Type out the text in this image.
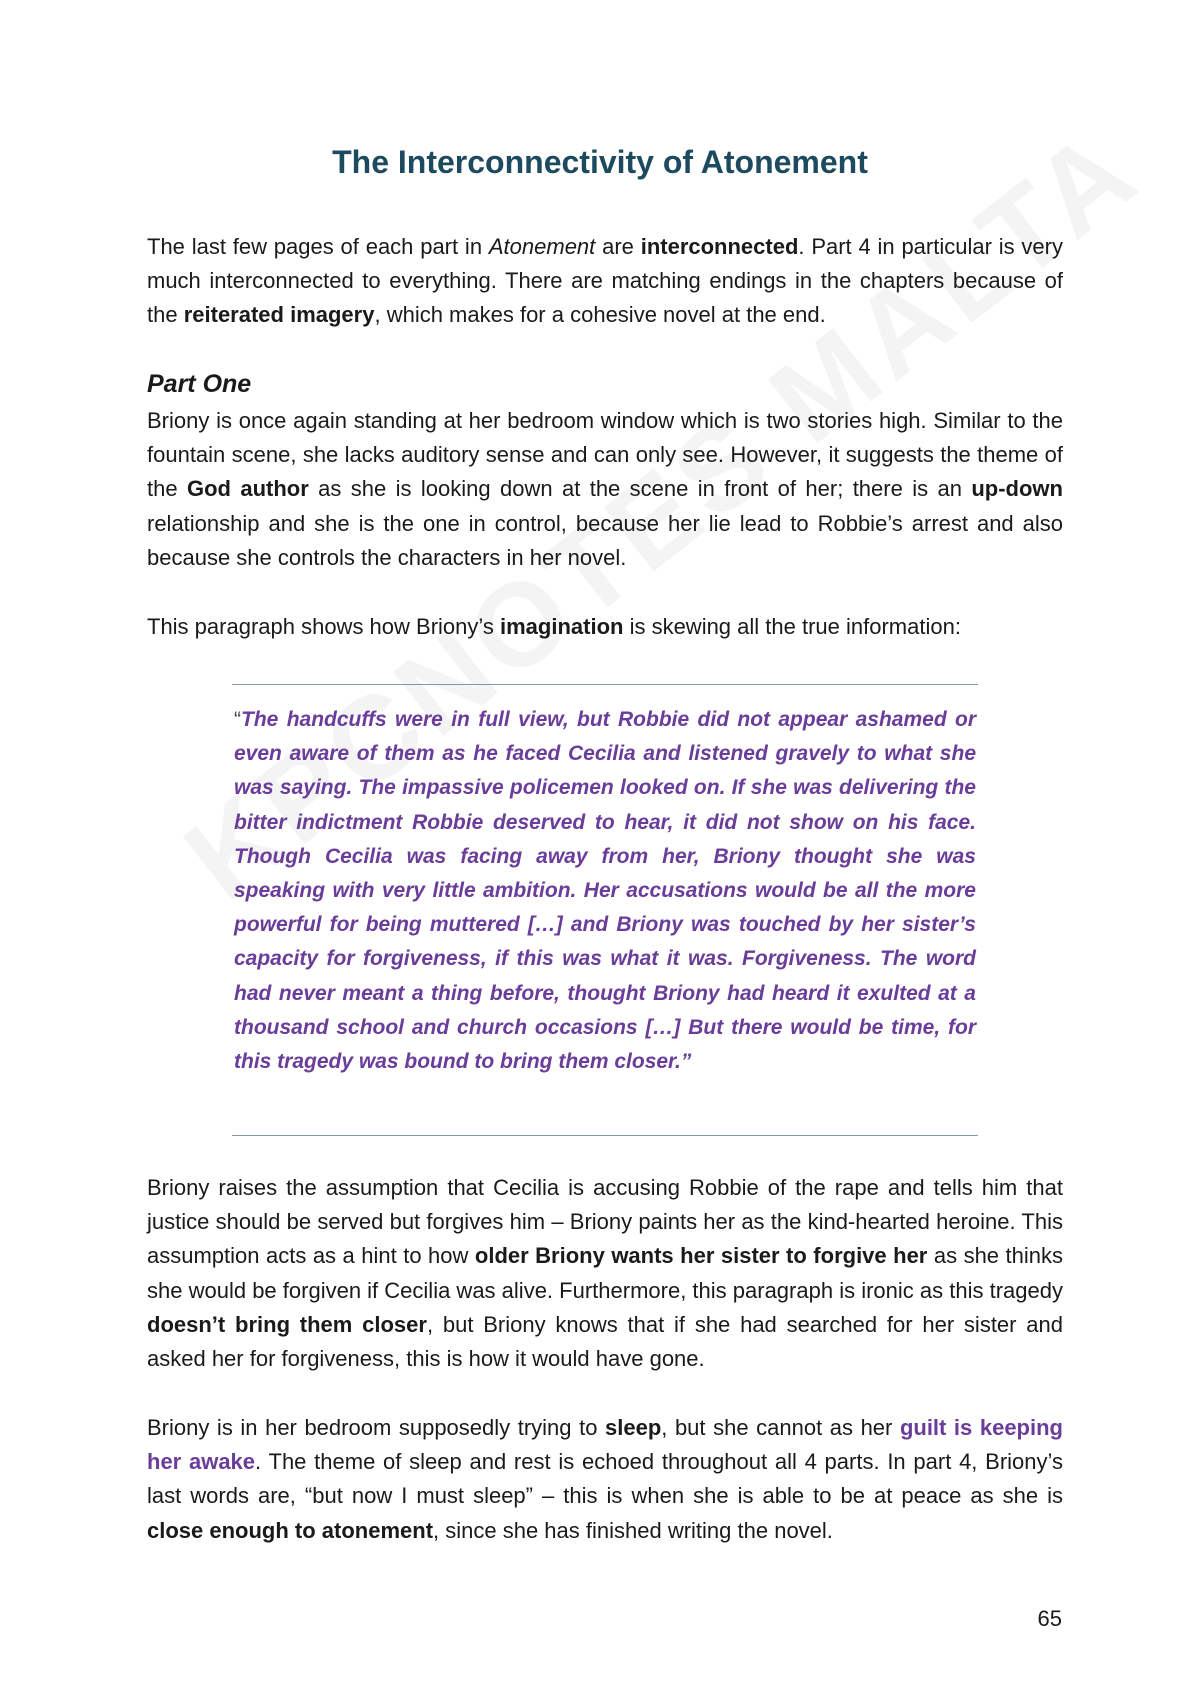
The Interconnectivity of Atonement

The last few pages of each part in Atonement are interconnected. Part 4 in particular is very much interconnected to everything. There are matching endings in the chapters because of the reiterated imagery, which makes for a cohesive novel at the end.

Part One

Briony is once again standing at her bedroom window which is two stories high. Similar to the fountain scene, she lacks auditory sense and can only see. However, it suggests the theme of the God author as she is looking down at the scene in front of her; there is an up-down relationship and she is the one in control, because her lie lead to Robbie’s arrest and also because she controls the characters in her novel.

This paragraph shows how Briony’s imagination is skewing all the true information:

“The handcuffs were in full view, but Robbie did not appear ashamed or even aware of them as he faced Cecilia and listened gravely to what she was saying. The impassive policemen looked on. If she was delivering the bitter indictment Robbie deserved to hear, it did not show on his face. Though Cecilia was facing away from her, Briony thought she was speaking with very little ambition. Her accusations would be all the more powerful for being muttered […] and Briony was touched by her sister’s capacity for forgiveness, if this was what it was. Forgiveness. The word had never meant a thing before, thought Briony had heard it exulted at a thousand school and church occasions […] But there would be time, for this tragedy was bound to bring them closer.”

Briony raises the assumption that Cecilia is accusing Robbie of the rape and tells him that justice should be served but forgives him – Briony paints her as the kind-hearted heroine. This assumption acts as a hint to how older Briony wants her sister to forgive her as she thinks she would be forgiven if Cecilia was alive. Furthermore, this paragraph is ironic as this tragedy doesn’t bring them closer, but Briony knows that if she had searched for her sister and asked her for forgiveness, this is how it would have gone.

Briony is in her bedroom supposedly trying to sleep, but she cannot as her guilt is keeping her awake. The theme of sleep and rest is echoed throughout all 4 parts. In part 4, Briony’s last words are, “but now I must sleep” – this is when she is able to be at peace as she is close enough to atonement, since she has finished writing the novel.

65
